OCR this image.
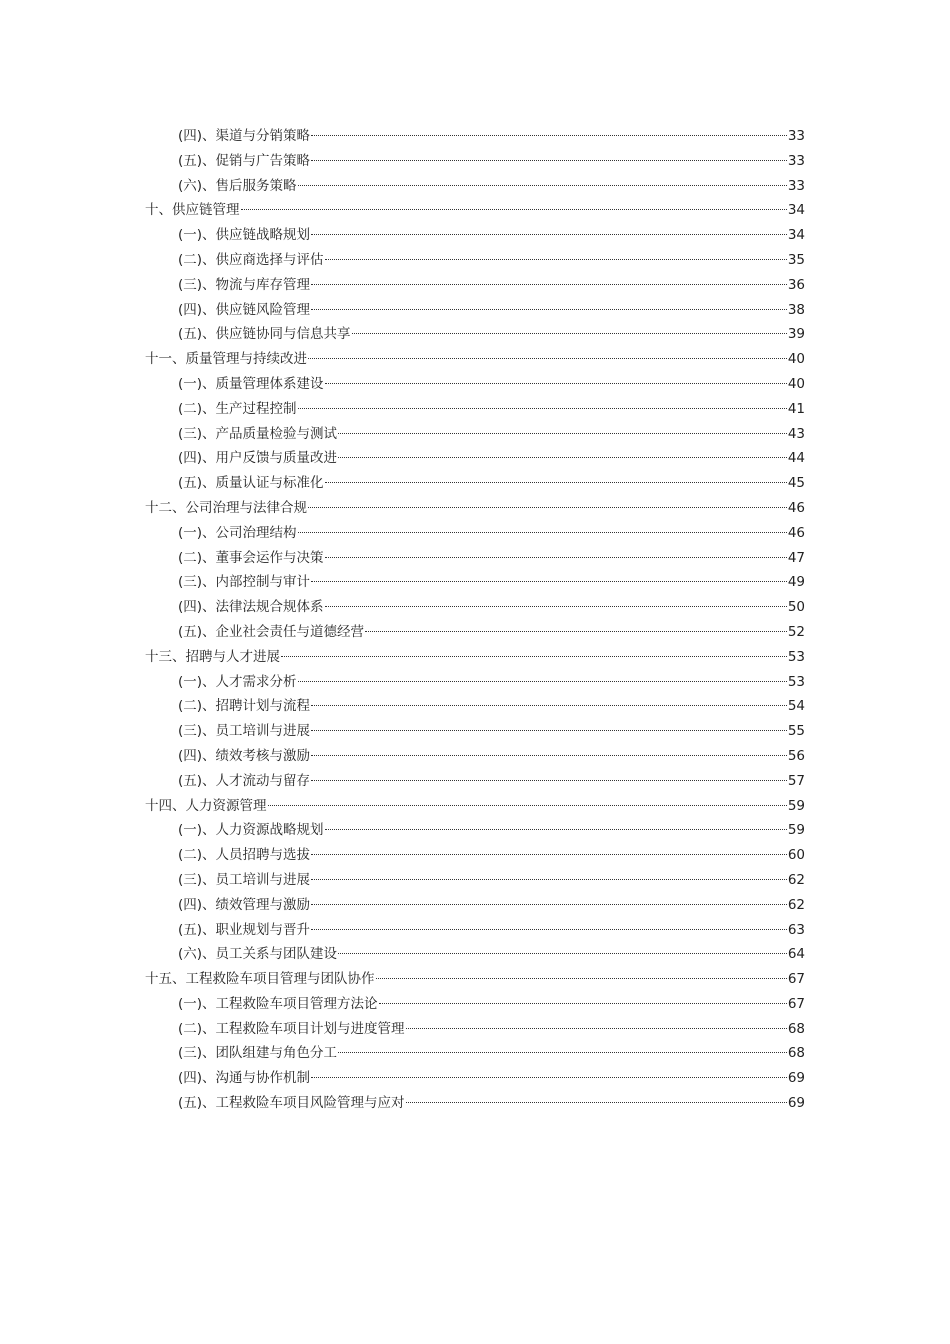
(四)、渠道与分销策略	33
(五)、促销与广告策略	33
(六)、售后服务策略	33
十、供应链管理	34
(一)、供应链战略规划	34
(二)、供应商选择与评估	35
(三)、物流与库存管理	36
(四)、供应链风险管理	38
(五)、供应链协同与信息共享	39
十一、质量管理与持续改进	40
(一)、质量管理体系建设	40
(二)、生产过程控制	41
(三)、产品质量检验与测试	43
(四)、用户反馈与质量改进	44
(五)、质量认证与标准化	45
十二、公司治理与法律合规	46
(一)、公司治理结构	46
(二)、董事会运作与决策	47
(三)、内部控制与审计	49
(四)、法律法规合规体系	50
(五)、企业社会责任与道德经营	52
十三、招聘与人才进展	53
(一)、人才需求分析	53
(二)、招聘计划与流程	54
(三)、员工培训与进展	55
(四)、绩效考核与激励	56
(五)、人才流动与留存	57
十四、人力资源管理	59
(一)、人力资源战略规划	59
(二)、人员招聘与选拔	60
(三)、员工培训与进展	62
(四)、绩效管理与激励	62
(五)、职业规划与晋升	63
(六)、员工关系与团队建设	64
十五、工程救险车项目管理与团队协作	67
(一)、工程救险车项目管理方法论	67
(二)、工程救险车项目计划与进度管理	68
(三)、团队组建与角色分工	68
(四)、沟通与协作机制	69
(五)、工程救险车项目风险管理与应对	69
